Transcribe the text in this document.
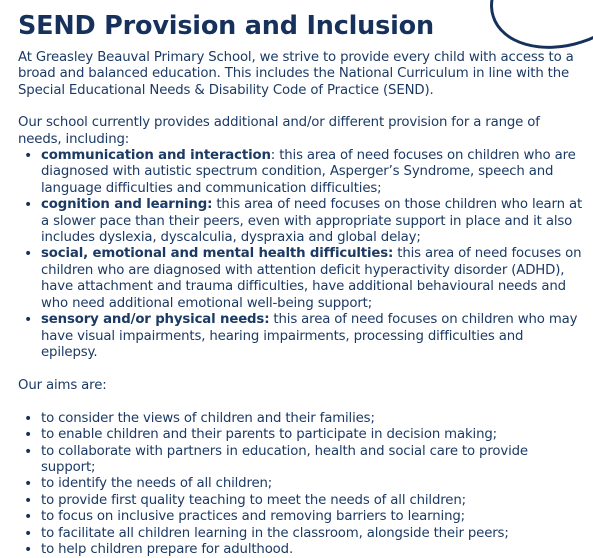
SEND Provision and Inclusion

At Greasley Beauval Primary School, we strive to provide every child with access to a broad and balanced education. This includes the National Curriculum in line with the Special Educational Needs & Disability Code of Practice (SEND).

Our school currently provides additional and/or different provision for a range of needs, including:

• communication and interaction: this area of need focuses on children who are diagnosed with autistic spectrum condition, Asperger’s Syndrome, speech and language difficulties and communication difficulties;
• cognition and learning: this area of need focuses on those children who learn at a slower pace than their peers, even with appropriate support in place and it also includes dyslexia, dyscalculia, dyspraxia and global delay;
• social, emotional and mental health difficulties: this area of need focuses on children who are diagnosed with attention deficit hyperactivity disorder (ADHD), have attachment and trauma difficulties, have additional behavioural needs and who need additional emotional well-being support;
• sensory and/or physical needs: this area of need focuses on children who may have visual impairments, hearing impairments, processing difficulties and epilepsy.

Our aims are:

• to consider the views of children and their families;
• to enable children and their parents to participate in decision making;
• to collaborate with partners in education, health and social care to provide support;
• to identify the needs of all children;
• to provide first quality teaching to meet the needs of all children;
• to focus on inclusive practices and removing barriers to learning;
• to facilitate all children learning in the classroom, alongside their peers;
• to help children prepare for adulthood.
